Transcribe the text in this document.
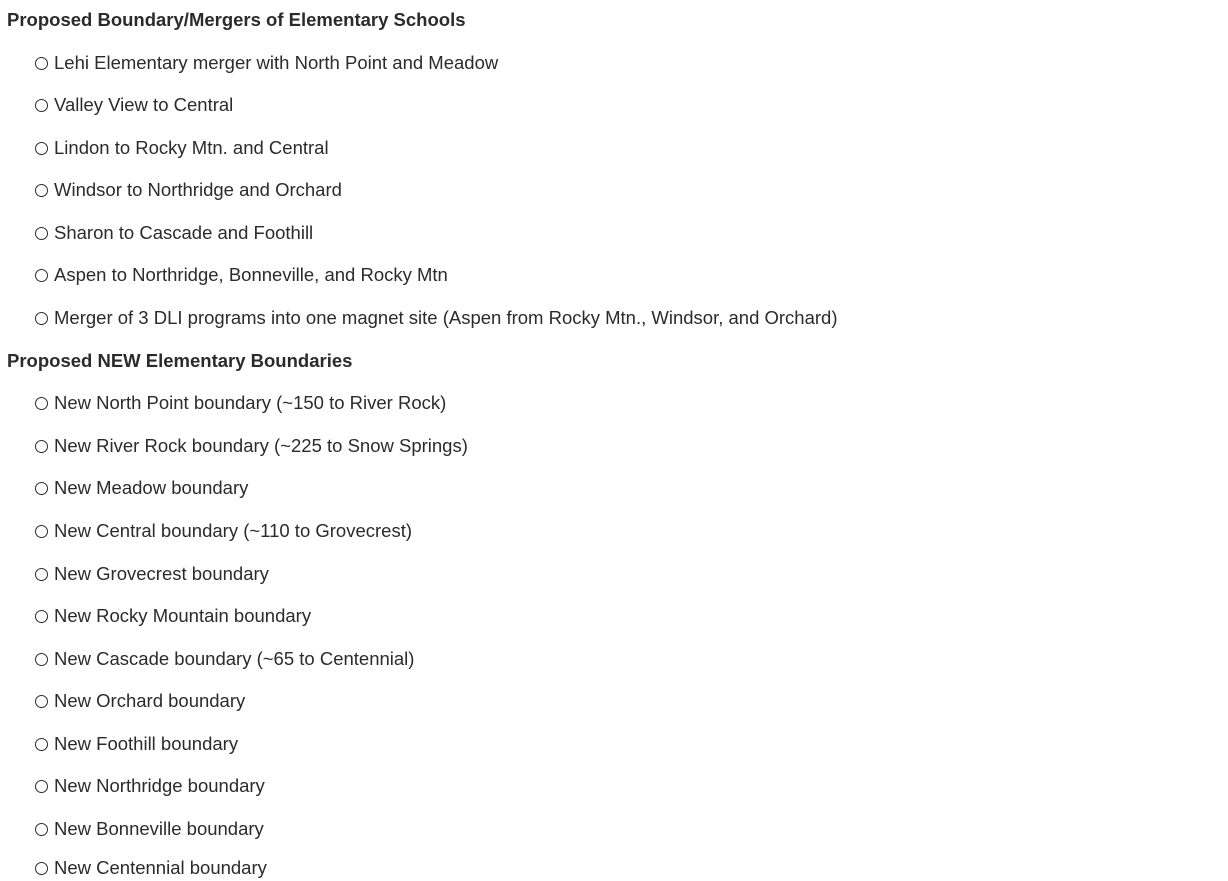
Proposed Boundary/Mergers of Elementary Schools
Lehi Elementary merger with North Point and Meadow
Valley View to Central
Lindon to Rocky Mtn. and Central
Windsor to Northridge and Orchard
Sharon to Cascade and Foothill
Aspen to Northridge, Bonneville, and Rocky Mtn
Merger of 3 DLI programs into one magnet site (Aspen from Rocky Mtn., Windsor, and Orchard)
Proposed NEW Elementary Boundaries
New North Point boundary (~150 to River Rock)
New River Rock boundary (~225 to Snow Springs)
New Meadow boundary
New Central boundary (~110 to Grovecrest)
New Grovecrest boundary
New Rocky Mountain boundary
New Cascade boundary (~65 to Centennial)
New Orchard boundary
New Foothill boundary
New Northridge boundary
New Bonneville boundary
New Centennial boundary
